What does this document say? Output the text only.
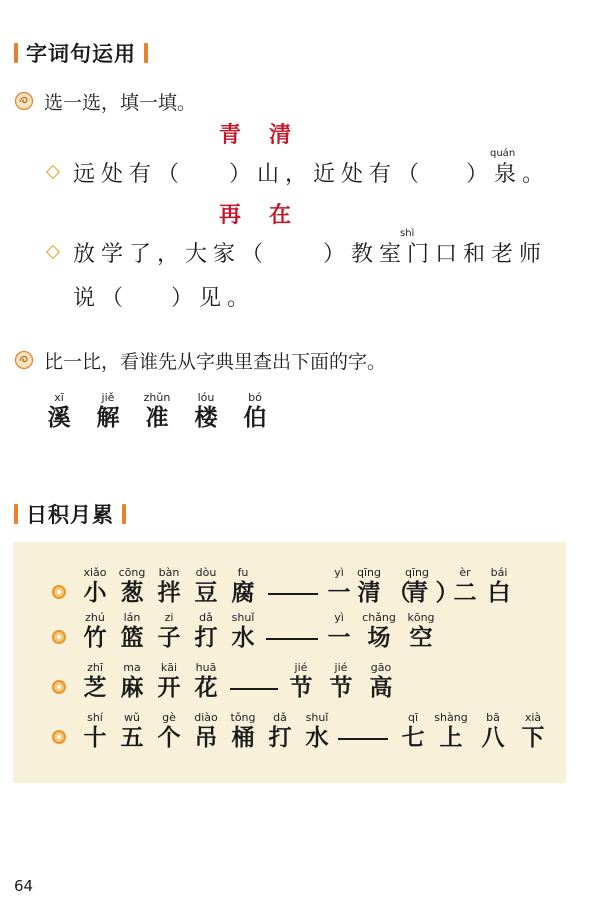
字词句运用
选一选，填一填。
青清
quán
远处有（ ）山，近处有（ ）泉。
再在
shì
放学了，大家（ ）教室门口和老师
说（ ）见。
比一比，看谁先从字典里查出下面的字。
xī
溪
jiě
解
zhǔn
准
lóu
楼
bó
伯
日积月累
xiǎo
小
cōng
葱
bàn
拌
dòu
豆
fu
腐
yì
一
qīng
清 （
qīng
青 ）
èr
二
bái
白
zhú
竹
lán
篮
zi
子
dǎ
打
shuǐ
水
yì
一
chǎng
场
kōng
空
zhī
芝
ma
麻
kāi
开
huā
花
jié
节
jié
节
gāo
高
shí
十
wǔ
五
gè
个
diào
吊
tǒng
桶
dǎ
打
shuǐ
水
qī
七
shàng
上
bā
八
xià
下
64
